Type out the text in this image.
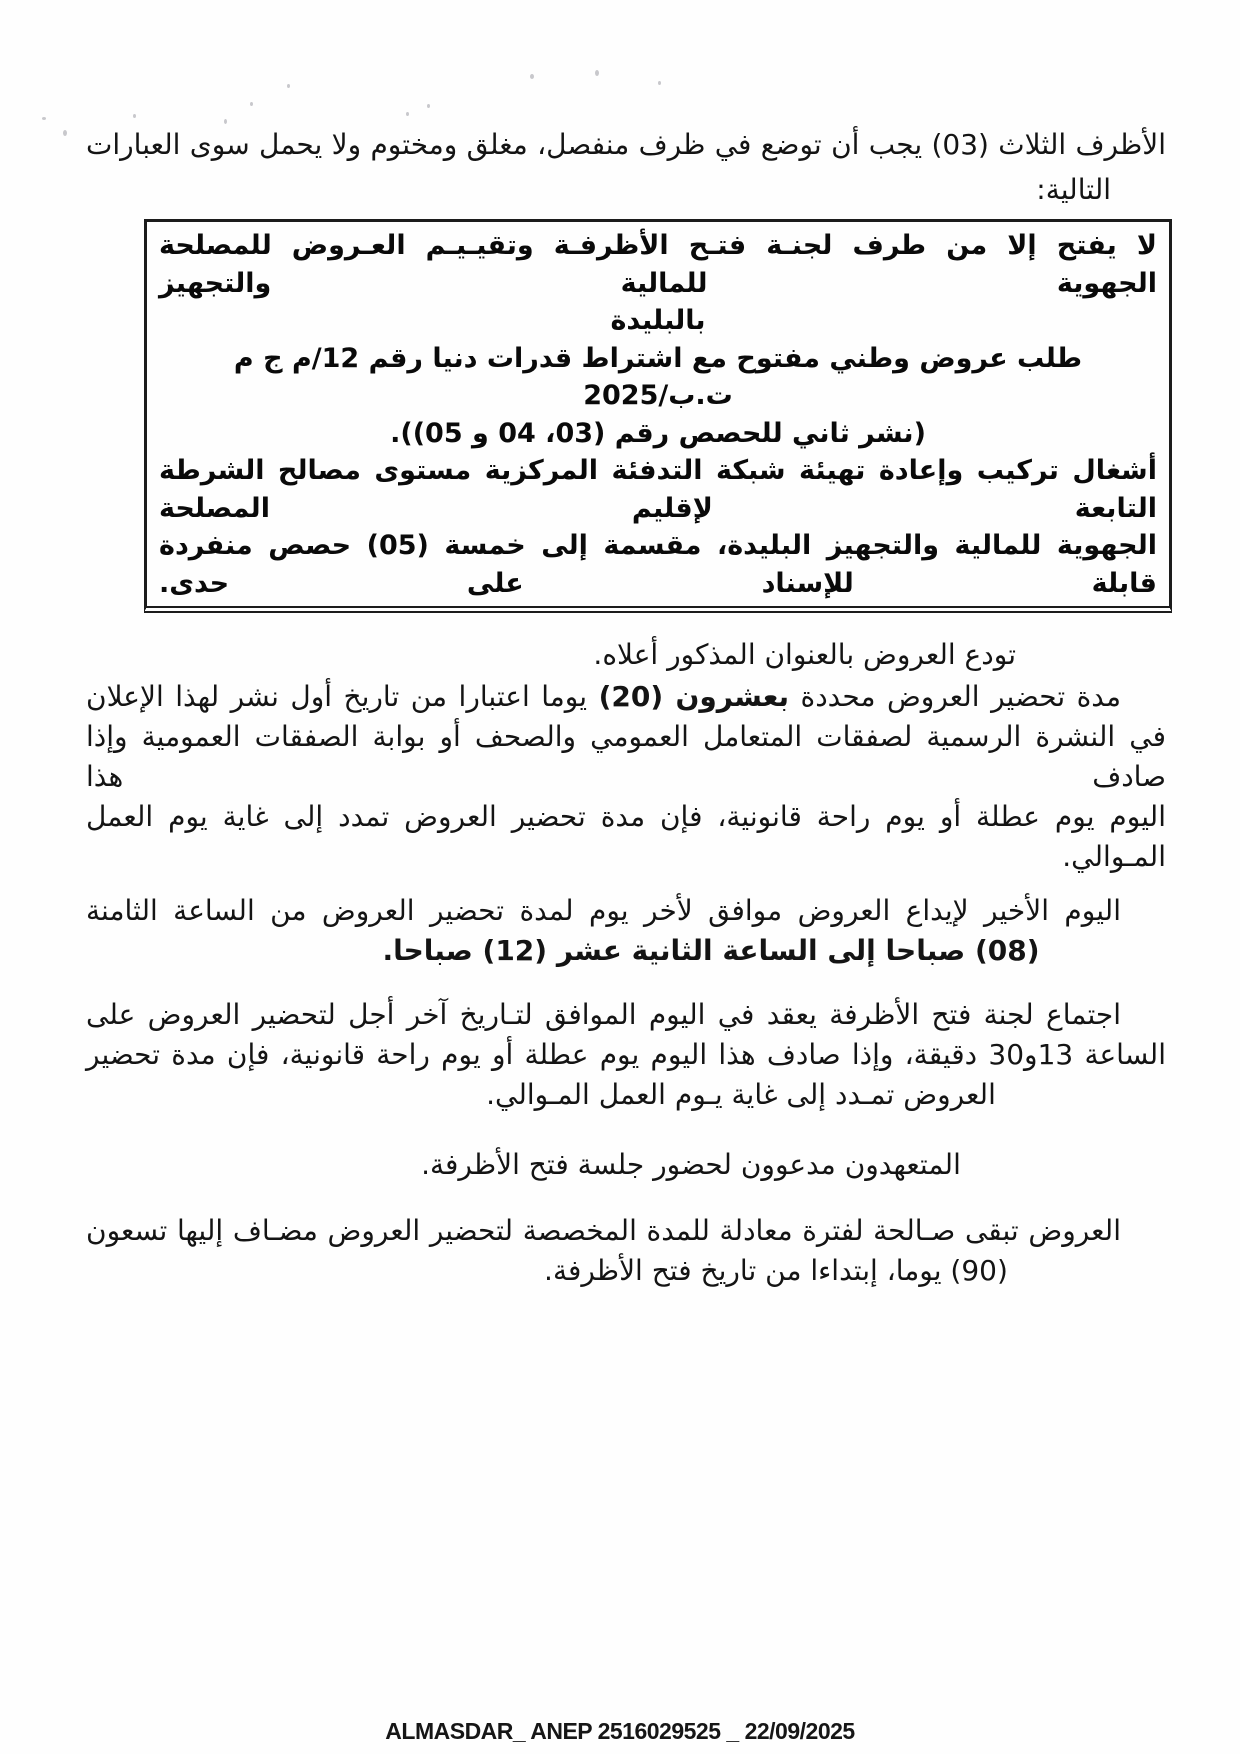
الأظرف الثلاث (03) يجب أن توضع في ظرف منفصل، مغلق ومختوم ولا يحمل سوى العبارات
التالية:
لا يفتح إلا من طرف لجنـة فتـح الأظرفـة وتقيـيـم العـروض للمصلحة الجهوية للمالية والتجهيز
بالبليدة
طلب عروض وطني مفتوح مع اشتراط قدرات دنيا رقم 12/م ج م ت.ب/2025
(نشر ثاني للحصص رقم (03، 04 و 05)).
أشغال تركيب وإعادة تهيئة شبكة التدفئة المركزية مستوى مصالح الشرطة التابعة لإقليم المصلحة
الجهوية للمالية والتجهيز البليدة، مقسمة إلى خمسة (05) حصص منفردة قابلة للإسناد على حدى.
تودع العروض بالعنوان المذكور أعلاه.
مدة تحضير العروض محددة بعشرون (20) يوما اعتبارا من تاريخ أول نشر لهذا الإعلان
في النشرة الرسمية لصفقات المتعامل العمومي والصحف أو بوابة الصفقات العمومية وإذا صادف هذا
اليوم يوم عطلة أو يوم راحة قانونية، فإن مدة تحضير العروض تمدد إلى غاية يوم العمل المـوالي.
اليوم الأخير لإيداع العروض موافق لأخر يوم لمدة تحضير العروض من الساعة الثامنة
(08) صباحا إلى الساعة الثانية عشر (12) صباحا.
اجتماع لجنة فتح الأظرفة يعقد في اليوم الموافق لتـاريخ آخر أجل لتحضير العروض على
الساعة 13و30 دقيقة، وإذا صادف هذا اليوم يوم عطلة أو يوم راحة قانونية، فإن مدة تحضير
العروض تمـدد إلى غاية يـوم العمل المـوالي.
المتعهدون مدعوون لحضور جلسة فتح الأظرفة.
العروض تبقى صـالحة لفترة معادلة للمدة المخصصة لتحضير العروض مضـاف إليها تسعون
(90) يوما، إبتداءا من تاريخ فتح الأظرفة.
ALMASDAR_ ANEP 2516029525 _ 22/09/2025
